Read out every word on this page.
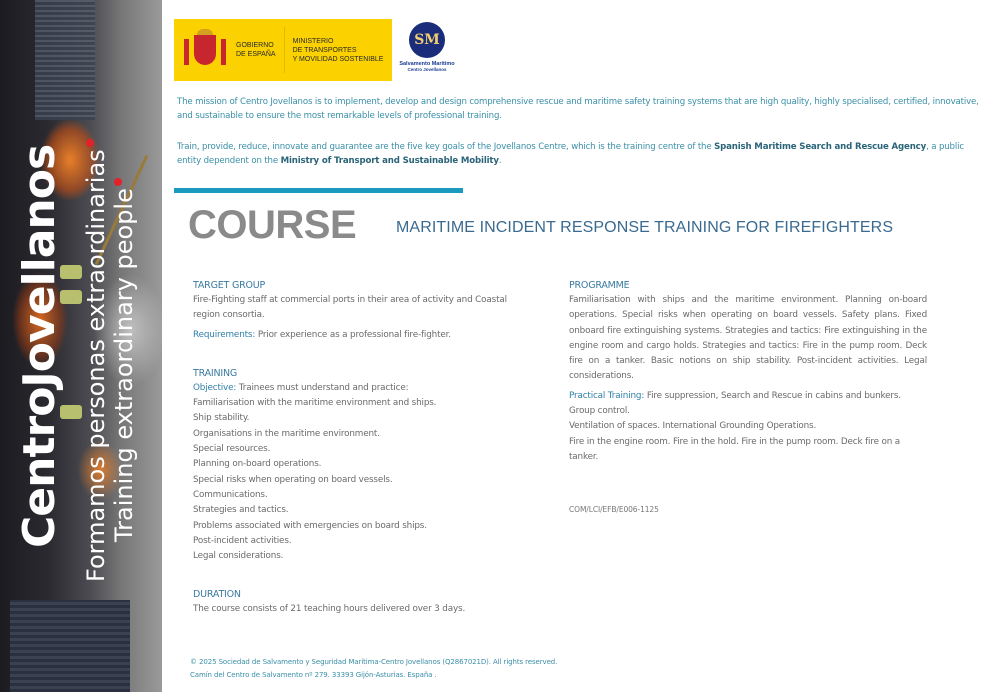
CentroJovellanos Formamos personas extraordinarias Training extraordinary people
GOBIERNO
DE ESPAÑA
MINISTERIO
DE TRANSPORTES
Y MOVILIDAD SOSTENIBLE
SM
Salvamento Marítimo
Centro Jovellanos

The mission of Centro Jovellanos is to implement, develop and design comprehensive rescue and maritime safety training systems that are high quality, highly specialised, certified, innovative, and sustainable to ensure the most remarkable levels of professional training.

Train, provide, reduce, innovate and guarantee are the five key goals of the Jovellanos Centre, which is the training centre of the Spanish Maritime Search and Rescue Agency, a public entity dependent on the Ministry of Transport and Sustainable Mobility.

COURSE MARITIME INCIDENT RESPONSE TRAINING FOR FIREFIGHTERS
TARGET GROUP
Fire-Fighting staff at commercial ports in their area of activity and Coastal region consortia.
Requirements: Prior experience as a professional fire-fighter.
TRAINING
Objective: Trainees must understand and practice:
Familiarisation with the maritime environment and ships.
Ship stability.
Organisations in the maritime environment.
Special resources.
Planning on-board operations.
Special risks when operating on board vessels.
Communications.
Strategies and tactics.
Problems associated with emergencies on board ships.
Post-incident activities.
Legal considerations.
DURATION
The course consists of 21 teaching hours delivered over 3 days.
PROGRAMME
Familiarisation with ships and the maritime environment. Planning on-board operations. Special risks when operating on board vessels. Safety plans. Fixed onboard fire extinguishing systems. Strategies and tactics: Fire extinguishing in the engine room and cargo holds. Strategies and tactics: Fire in the pump room. Deck fire on a tanker. Basic notions on ship stability. Post-incident activities. Legal considerations.
Practical Training: Fire suppression, Search and Rescue in cabins and bunkers. Group control.
Ventilation of spaces. International Grounding Operations.
Fire in the engine room. Fire in the hold. Fire in the pump room. Deck fire on a tanker.
COM/LCI/EFB/E006-1125
© 2025 Sociedad de Salvamento y Seguridad Marítima-Centro Jovellanos (Q2867021D). All rights reserved.
Camín del Centro de Salvamento nº 279. 33393 Gijón-Asturias. España .
